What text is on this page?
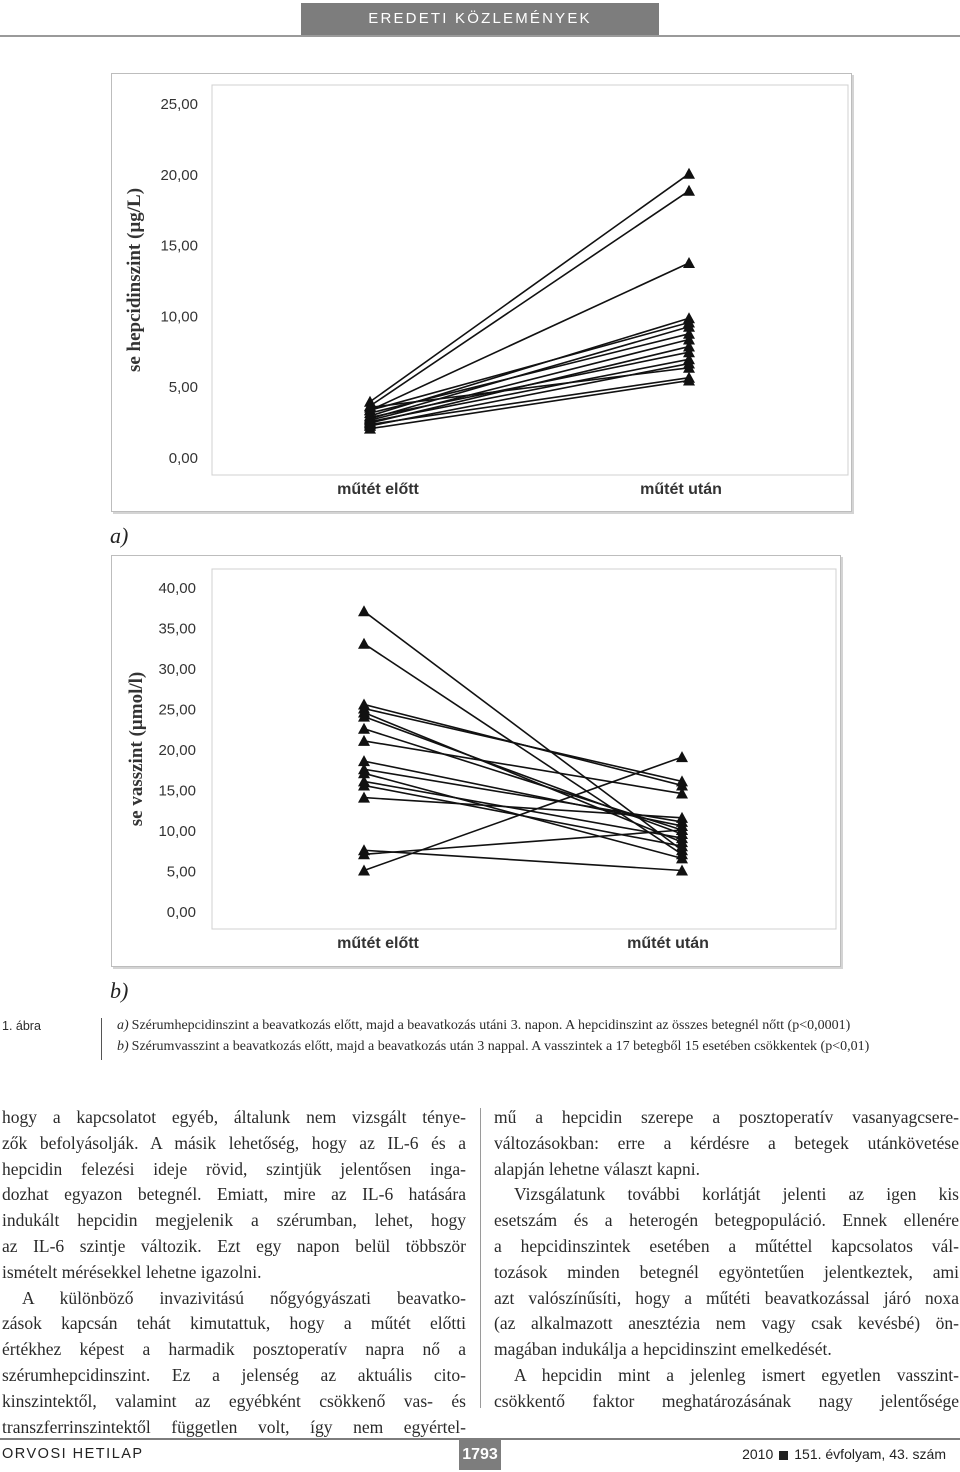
EREDETI KÖZLEMÉNYEK
0,00
5,00
10,00
15,00
20,00
25,00
se hepcidinszint (µg/L)
műtét előtt	műtét után
a)
0,00
5,00
10,00
15,00
20,00
25,00
30,00
35,00
40,00
se vasszint (µmol/l)
műtét előtt	műtét után
b)
1. ábra	a) Szérumhepcidinszint a beavatkozás előtt, majd a beavatkozás utáni 3. napon. A hepcidinszint az összes betegnél nőtt (p<0,0001)
b) Szérumvasszint a beavatkozás előtt, majd a beavatkozás után 3 nappal. A vasszintek a 17 betegből 15 esetében csökkentek (p<0,01)

hogy a kapcsolatot egyéb, általunk nem vizsgált ténye-

zők befolyásolják. A másik lehetőség, hogy az IL-6 és a

hepcidin felezési ideje rövid, szintjük jelentősen inga-

dozhat egyazon betegnél. Emiatt, mire az IL-6 hatására

indukált hepcidin megjelenik a szérumban, lehet, hogy

az IL-6 szintje változik. Ezt egy napon belül többször

ismételt mérésekkel lehetne igazolni.

A különböző invazivitású nőgyógyászati beavatko-

zások kapcsán tehát kimutattuk, hogy a műtét előtti

értékhez képest a harmadik posztoperatív napra nő a

szérumhepcidinszint. Ez a jelenség az aktuális cito-

kinszintektől, valamint az egyébként csökkenő vas- és

transzferrinszintektől független volt, így nem egyértel-

mű a hepcidin szerepe a posztoperatív vasanyagcsere-

változásokban: erre a kérdésre a betegek utánkövetése

alapján lehetne választ kapni.

Vizsgálatunk további korlátját jelenti az igen kis

esetszám és a heterogén betegpopuláció. Ennek ellenére

a hepcidinszintek esetében a műtéttel kapcsolatos vál-

tozások minden betegnél egyöntetűen jelentkeztek, ami

azt valószínűsíti, hogy a műtéti beavatkozással járó noxa

(az alkalmazott anesztézia nem vagy csak kevésbé) ön-

magában indukálja a hepcidinszint emelkedését.

A hepcidin mint a jelenleg ismert egyetlen vasszint-

csökkentő faktor meghatározásának nagy jelentősége

ORVOSI HETILAP	1793	2010 151. évfolyam, 43. szám
